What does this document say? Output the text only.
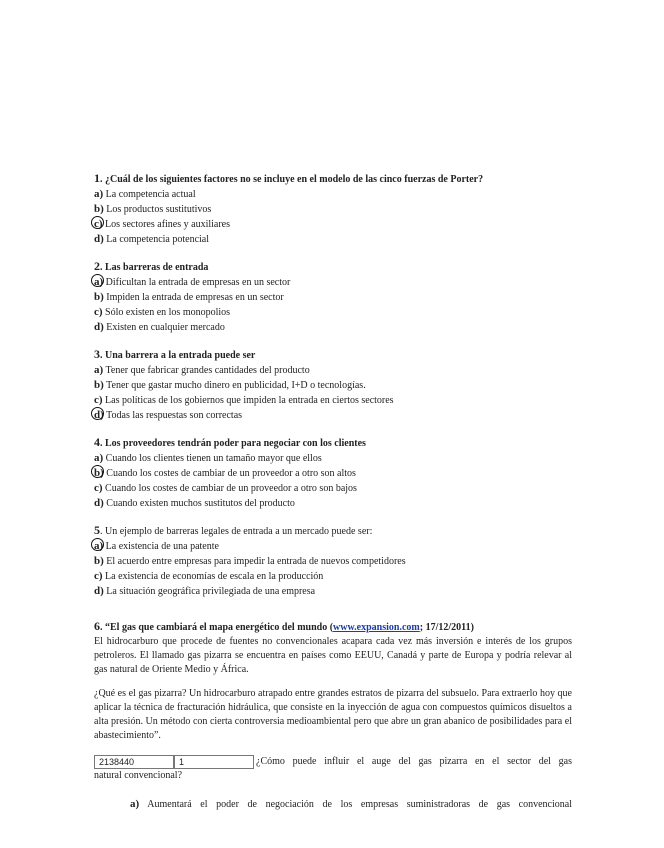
1. ¿Cuál de los siguientes factores no se incluye en el modelo de las cinco fuerzas de Porter?
a) La competencia actual
b) Los productos sustitutivos
c) Los sectores afines y auxiliares
d) La competencia potencial
2. Las barreras de entrada
a) Dificultan la entrada de empresas en un sector
b) Impiden la entrada de empresas en un sector
c) Sólo existen en los monopolios
d) Existen en cualquier mercado
3. Una barrera a la entrada puede ser
a) Tener que fabricar grandes cantidades del producto
b) Tener que gastar mucho dinero en publicidad, I+D o tecnologías.
c) Las políticas de los gobiernos que impiden la entrada en ciertos sectores
d) Todas las respuestas son correctas
4. Los proveedores tendrán poder para negociar con los clientes
a) Cuando los clientes tienen un tamaño mayor que ellos
b) Cuando los costes de cambiar de un proveedor a otro son altos
c) Cuando los costes de cambiar de un proveedor a otro son bajos
d) Cuando existen muchos sustitutos del producto
5. Un ejemplo de barreras legales de entrada a un mercado puede ser:
a) La existencia de una patente
b) El acuerdo entre empresas para impedir la entrada de nuevos competidores
c) La existencia de economías de escala en la producción
d) La situación geográfica privilegiada de una empresa
6. “El gas que cambiará el mapa energético del mundo (www.expansion.com; 17/12/2011)

El hidrocarburo que procede de fuentes no convencionales acapara cada vez más inversión e interés de los grupos petroleros. El llamado gas pizarra se encuentra en países como EEUU, Canadá y parte de Europa y podría relevar al gas natural de Oriente Medio y África.

¿Qué es el gas pizarra? Un hidrocarburo atrapado entre grandes estratos de pizarra del subsuelo. Para extraerlo hoy que aplicar la técnica de fracturación hidráulica, que consiste en la inyección de agua con compuestos químicos disueltos a alta presión. Un método con cierta controversia medioambiental pero que abre un gran abanico de posibilidades para el abastecimiento”.

2138440	1	¿Cómo puede influir el auge del gas pizarra en el sector del gas
natural convencional?
a) Aumentará el poder de negociación de los empresas suministradoras de gas convencional
